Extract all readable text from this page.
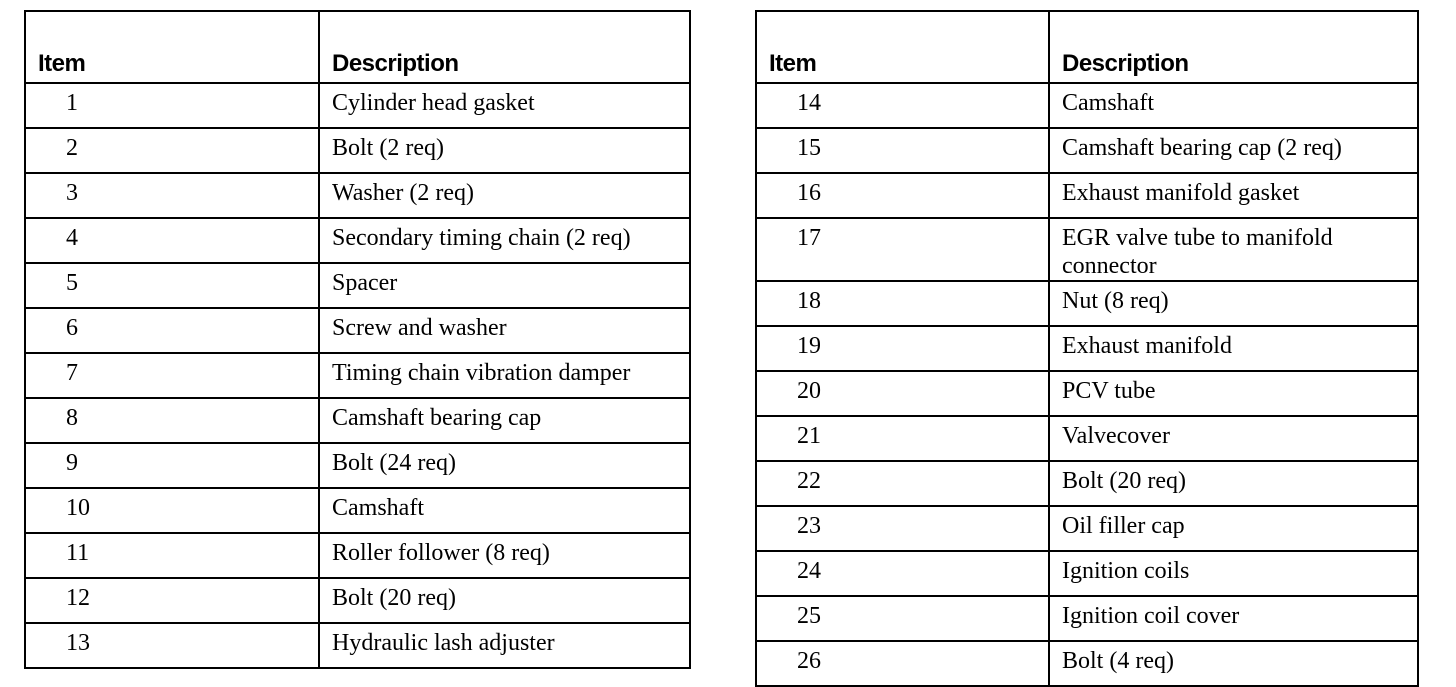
Item	Description
1	Cylinder head gasket
2	Bolt (2 req)
3	Washer (2 req)
4	Secondary timing chain (2 req)
5	Spacer
6	Screw and washer
7	Timing chain vibration damper
8	Camshaft bearing cap
9	Bolt (24 req)
10	Camshaft
11	Roller follower (8 req)
12	Bolt (20 req)
13	Hydraulic lash adjuster
Item	Description
14	Camshaft
15	Camshaft bearing cap (2 req)
16	Exhaust manifold gasket
17	EGR valve tube to manifold connector
18	Nut (8 req)
19	Exhaust manifold
20	PCV tube
21	Valvecover
22	Bolt (20 req)
23	Oil filler cap
24	Ignition coils
25	Ignition coil cover
26	Bolt (4 req)
